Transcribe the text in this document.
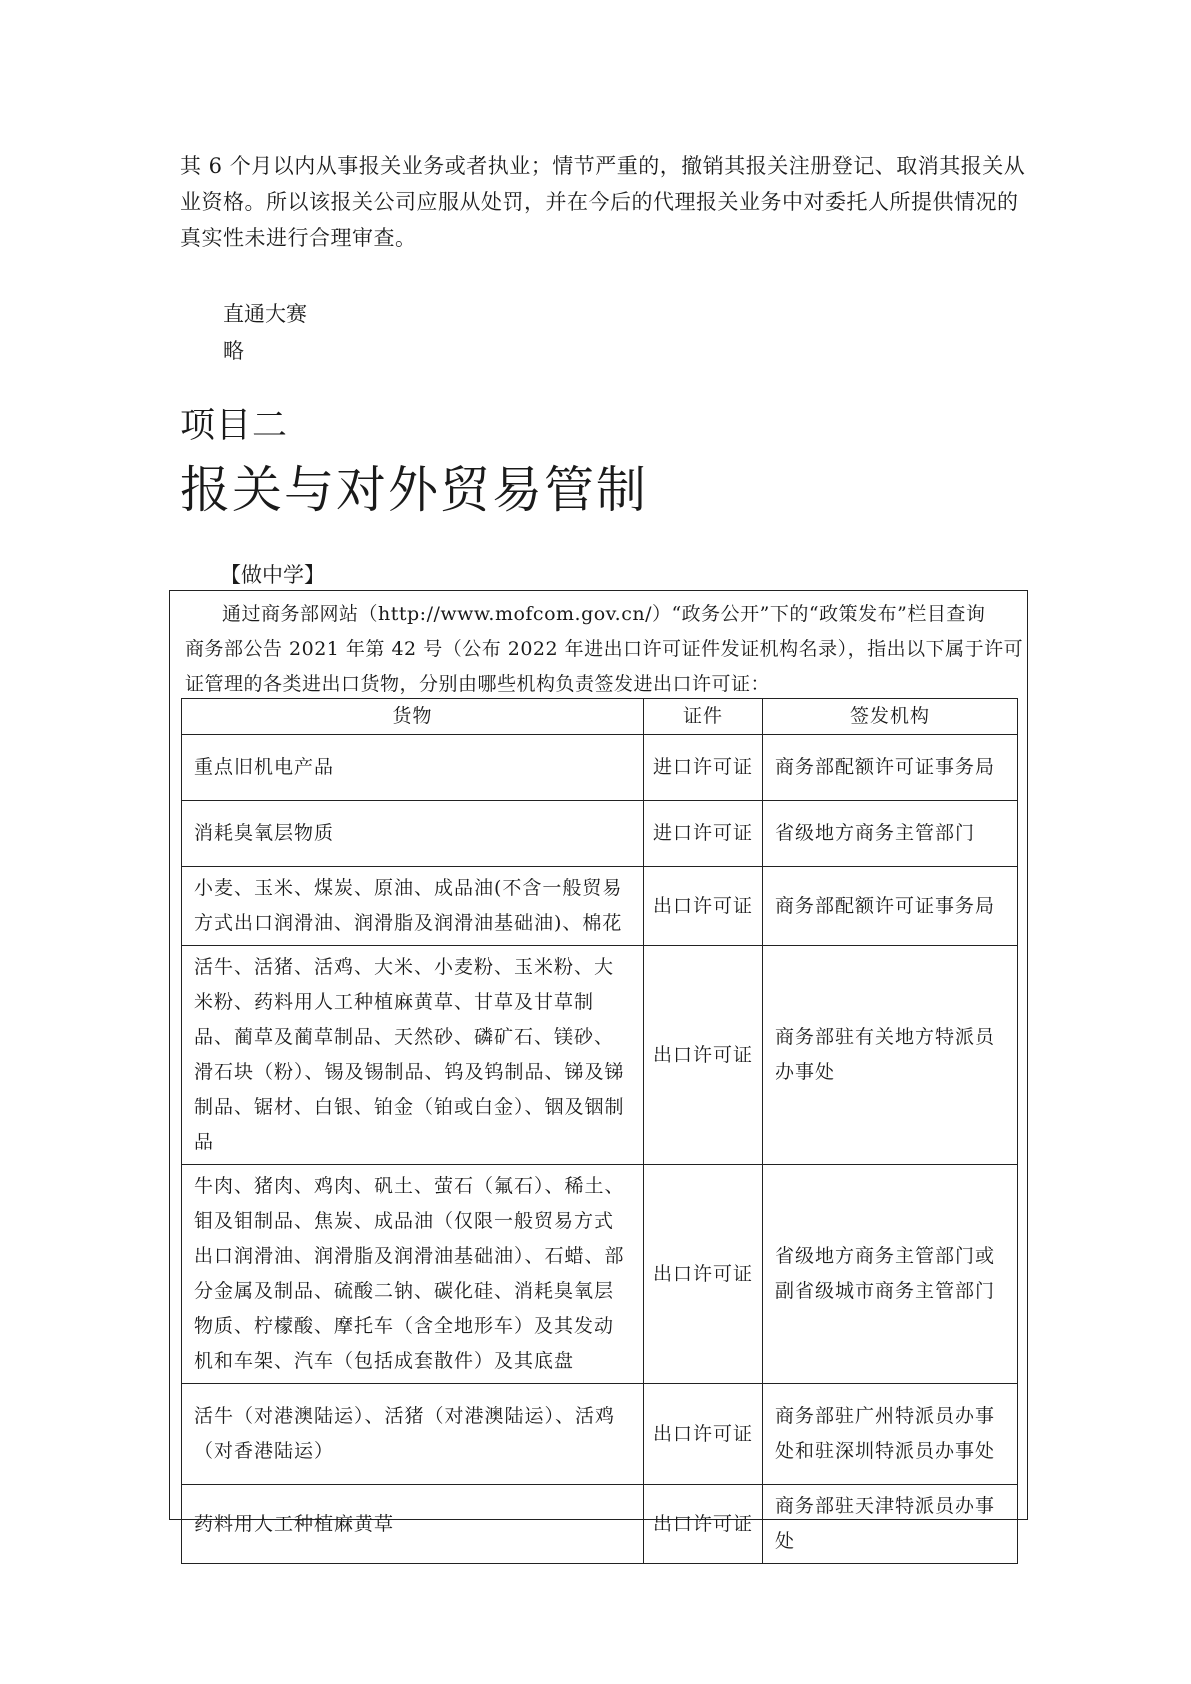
其 6 个月以内从事报关业务或者执业；情节严重的，撤销其报关注册登记、取消其报关从
业资格。所以该报关公司应服从处罚，并在今后的代理报关业务中对委托人所提供情况的
真实性未进行合理审查。

直通大赛

略

项目二
报关与对外贸易管制

【做中学】

通过商务部网站（http://www.mofcom.gov.cn/）“政务公开”下的“政策发布”栏目查询
商务部公告 2021 年第 42 号（公布 2022 年进出口许可证件发证机构名录），指出以下属于许可
证管理的各类进出口货物，分别由哪些机构负责签发进出口许可证：

货物	证件	签发机构
重点旧机电产品	进口许可证	商务部配额许可证事务局
消耗臭氧层物质	进口许可证	省级地方商务主管部门
小麦、玉米、煤炭、原油、成品油(不含一般贸易方式出口润滑油、润滑脂及润滑油基础油)、棉花	出口许可证	商务部配额许可证事务局
活牛、活猪、活鸡、大米、小麦粉、玉米粉、大米粉、药料用人工种植麻黄草、甘草及甘草制品、蔺草及蔺草制品、天然砂、磷矿石、镁砂、滑石块（粉）、锡及锡制品、钨及钨制品、锑及锑制品、锯材、白银、铂金（铂或白金）、铟及铟制品	出口许可证	商务部驻有关地方特派员办事处
牛肉、猪肉、鸡肉、矾土、萤石（氟石）、稀土、钼及钼制品、焦炭、成品油（仅限一般贸易方式出口润滑油、润滑脂及润滑油基础油）、石蜡、部分金属及制品、硫酸二钠、碳化硅、消耗臭氧层物质、柠檬酸、摩托车（含全地形车）及其发动机和车架、汽车（包括成套散件）及其底盘	出口许可证	省级地方商务主管部门或副省级城市商务主管部门
活牛（对港澳陆运）、活猪（对港澳陆运）、活鸡（对香港陆运）	出口许可证	商务部驻广州特派员办事处和驻深圳特派员办事处
药料用人工种植麻黄草	出口许可证	商务部驻天津特派员办事处
